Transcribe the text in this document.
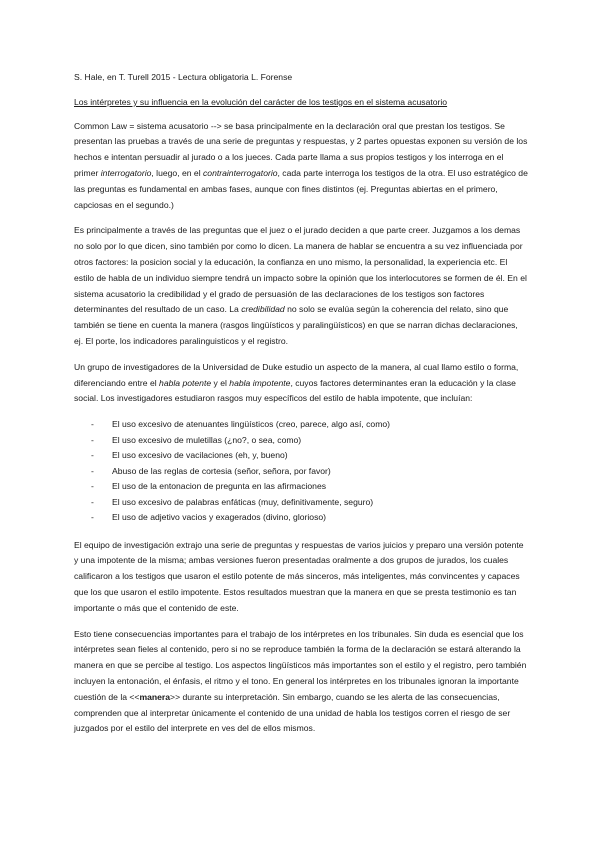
S. Hale, en T. Turell 2015 - Lectura obligatoria L. Forense
Los intérpretes y su influencia en la evolución del carácter de los testigos en el sistema acusatorio

Common Law = sistema acusatorio --> se basa principalmente en la declaración oral que prestan los testigos. Se presentan las pruebas a través de una serie de preguntas y respuestas, y 2 partes opuestas exponen su versión de los hechos e intentan persuadir al jurado o a los jueces. Cada parte llama a sus propios testigos y los interroga en el primer interrogatorio, luego, en el contrainterrogatorio, cada parte interroga los testigos de la otra. El uso estratégico de las preguntas es fundamental en ambas fases, aunque con fines distintos (ej. Preguntas abiertas en el primero, capciosas en el segundo.)

Es principalmente a través de las preguntas que el juez o el jurado deciden a que parte creer. Juzgamos a los demas no solo por lo que dicen, sino también por como lo dicen. La manera de hablar se encuentra a su vez influenciada por otros factores: la posicion social y la educación, la confianza en uno mismo, la personalidad, la experiencia etc. El estilo de habla de un individuo siempre tendrá un impacto sobre la opinión que los interlocutores se formen de él. En el sistema acusatorio la credibilidad y el grado de persuasión de las declaraciones de los testigos son factores determinantes del resultado de un caso. La credibilidad no solo se evalúa según la coherencia del relato, sino que también se tiene en cuenta la manera (rasgos lingüísticos y paralingüísticos) en que se narran dichas declaraciones, ej. El porte, los indicadores paralinguisticos y el registro.

Un grupo de investigadores de la Universidad de Duke estudio un aspecto de la manera, al cual llamo estilo o forma, diferenciando entre el habla potente y el habla impotente, cuyos factores determinantes eran la educación y la clase social. Los investigadores estudiaron rasgos muy específicos del estilo de habla impotente, que incluían:

- El uso excesivo de atenuantes lingüísticos (creo, parece, algo así, como)
- El uso excesivo de muletillas (¿no?, o sea, como)
- El uso excesivo de vacilaciones (eh, y, bueno)
- Abuso de las reglas de cortesia (señor, señora, por favor)
- El uso de la entonacion de pregunta en las afirmaciones
- El uso excesivo de palabras enfáticas (muy, definitivamente, seguro)
- El uso de adjetivo vacios y exagerados (divino, glorioso)

El equipo de investigación extrajo una serie de preguntas y respuestas de varios juicios y preparo una versión potente y una impotente de la misma; ambas versiones fueron presentadas oralmente a dos grupos de jurados, los cuales calificaron a los testigos que usaron el estilo potente de más sinceros, más inteligentes, más convincentes y capaces que los que usaron el estilo impotente. Estos resultados muestran que la manera en que se presta testimonio es tan importante o más que el contenido de este.

Esto tiene consecuencias importantes para el trabajo de los intérpretes en los tribunales. Sin duda es esencial que los intérpretes sean fieles al contenido, pero si no se reproduce también la forma de la declaración se estará alterando la manera en que se percibe al testigo. Los aspectos lingüísticos más importantes son el estilo y el registro, pero también incluyen la entonación, el énfasis, el ritmo y el tono. En general los intérpretes en los tribunales ignoran la importante cuestión de la <<manera>> durante su interpretación. Sin embargo, cuando se les alerta de las consecuencias, comprenden que al interpretar únicamente el contenido de una unidad de habla los testigos corren el riesgo de ser juzgados por el estilo del interprete en ves del de ellos mismos.
